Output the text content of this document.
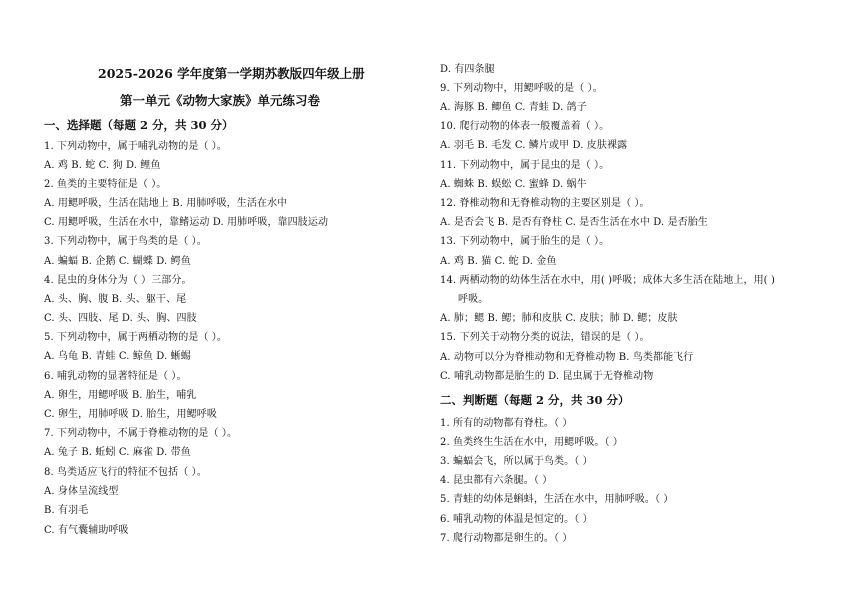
2025-2026 学年度第一学期苏教版四年级上册
第一单元《动物大家族》单元练习卷
一、选择题（每题 2 分，共 30 分）
1. 下列动物中，属于哺乳动物的是（ ）。
A. 鸡 B. 蛇 C. 狗 D. 鲤鱼
2. 鱼类的主要特征是（ ）。
A. 用鳃呼吸，生活在陆地上 B. 用肺呼吸，生活在水中
C. 用鳃呼吸，生活在水中，靠鳍运动 D. 用肺呼吸，靠四肢运动
3. 下列动物中，属于鸟类的是（ ）。
A. 蝙蝠 B. 企鹅 C. 蝴蝶 D. 鳄鱼
4. 昆虫的身体分为（ ）三部分。
A. 头、胸、腹 B. 头、躯干、尾
C. 头、四肢、尾 D. 头、胸、四肢
5. 下列动物中，属于两栖动物的是（ ）。
A. 乌龟 B. 青蛙 C. 鲸鱼 D. 蜥蜴
6. 哺乳动物的显著特征是（ ）。
A. 卵生，用鳃呼吸 B. 胎生，哺乳
C. 卵生，用肺呼吸 D. 胎生，用鳃呼吸
7. 下列动物中，不属于脊椎动物的是（ ）。
A. 兔子 B. 蚯蚓 C. 麻雀 D. 带鱼
8. 鸟类适应飞行的特征不包括（ ）。
A. 身体呈流线型
B. 有羽毛
C. 有气囊辅助呼吸
D. 有四条腿
9. 下列动物中，用鳃呼吸的是（ ）。
A. 海豚 B. 鲫鱼 C. 青蛙 D. 鸽子
10. 爬行动物的体表一般覆盖着（ ）。
A. 羽毛 B. 毛发 C. 鳞片或甲 D. 皮肤裸露
11. 下列动物中，属于昆虫的是（ ）。
A. 蜘蛛 B. 蜈蚣 C. 蜜蜂 D. 蜗牛
12. 脊椎动物和无脊椎动物的主要区别是（ ）。
A. 是否会飞 B. 是否有脊柱 C. 是否生活在水中 D. 是否胎生
13. 下列动物中，属于胎生的是（ ）。
A. 鸡 B. 猫 C. 蛇 D. 金鱼
14. 两栖动物的幼体生活在水中，用( )呼吸；成体大多生活在陆地上，用( )
呼吸。
A. 肺；鳃 B. 鳃；肺和皮肤 C. 皮肤；肺 D. 鳃；皮肤
15. 下列关于动物分类的说法，错误的是（ ）。
A. 动物可以分为脊椎动物和无脊椎动物 B. 鸟类都能飞行
C. 哺乳动物都是胎生的 D. 昆虫属于无脊椎动物
二、判断题（每题 2 分，共 30 分）
1. 所有的动物都有脊柱。（ ）
2. 鱼类终生生活在水中，用鳃呼吸。（ ）
3. 蝙蝠会飞，所以属于鸟类。（ ）
4. 昆虫都有六条腿。（ ）
5. 青蛙的幼体是蝌蚪，生活在水中，用肺呼吸。（ ）
6. 哺乳动物的体温是恒定的。（ ）
7. 爬行动物都是卵生的。（ ）
